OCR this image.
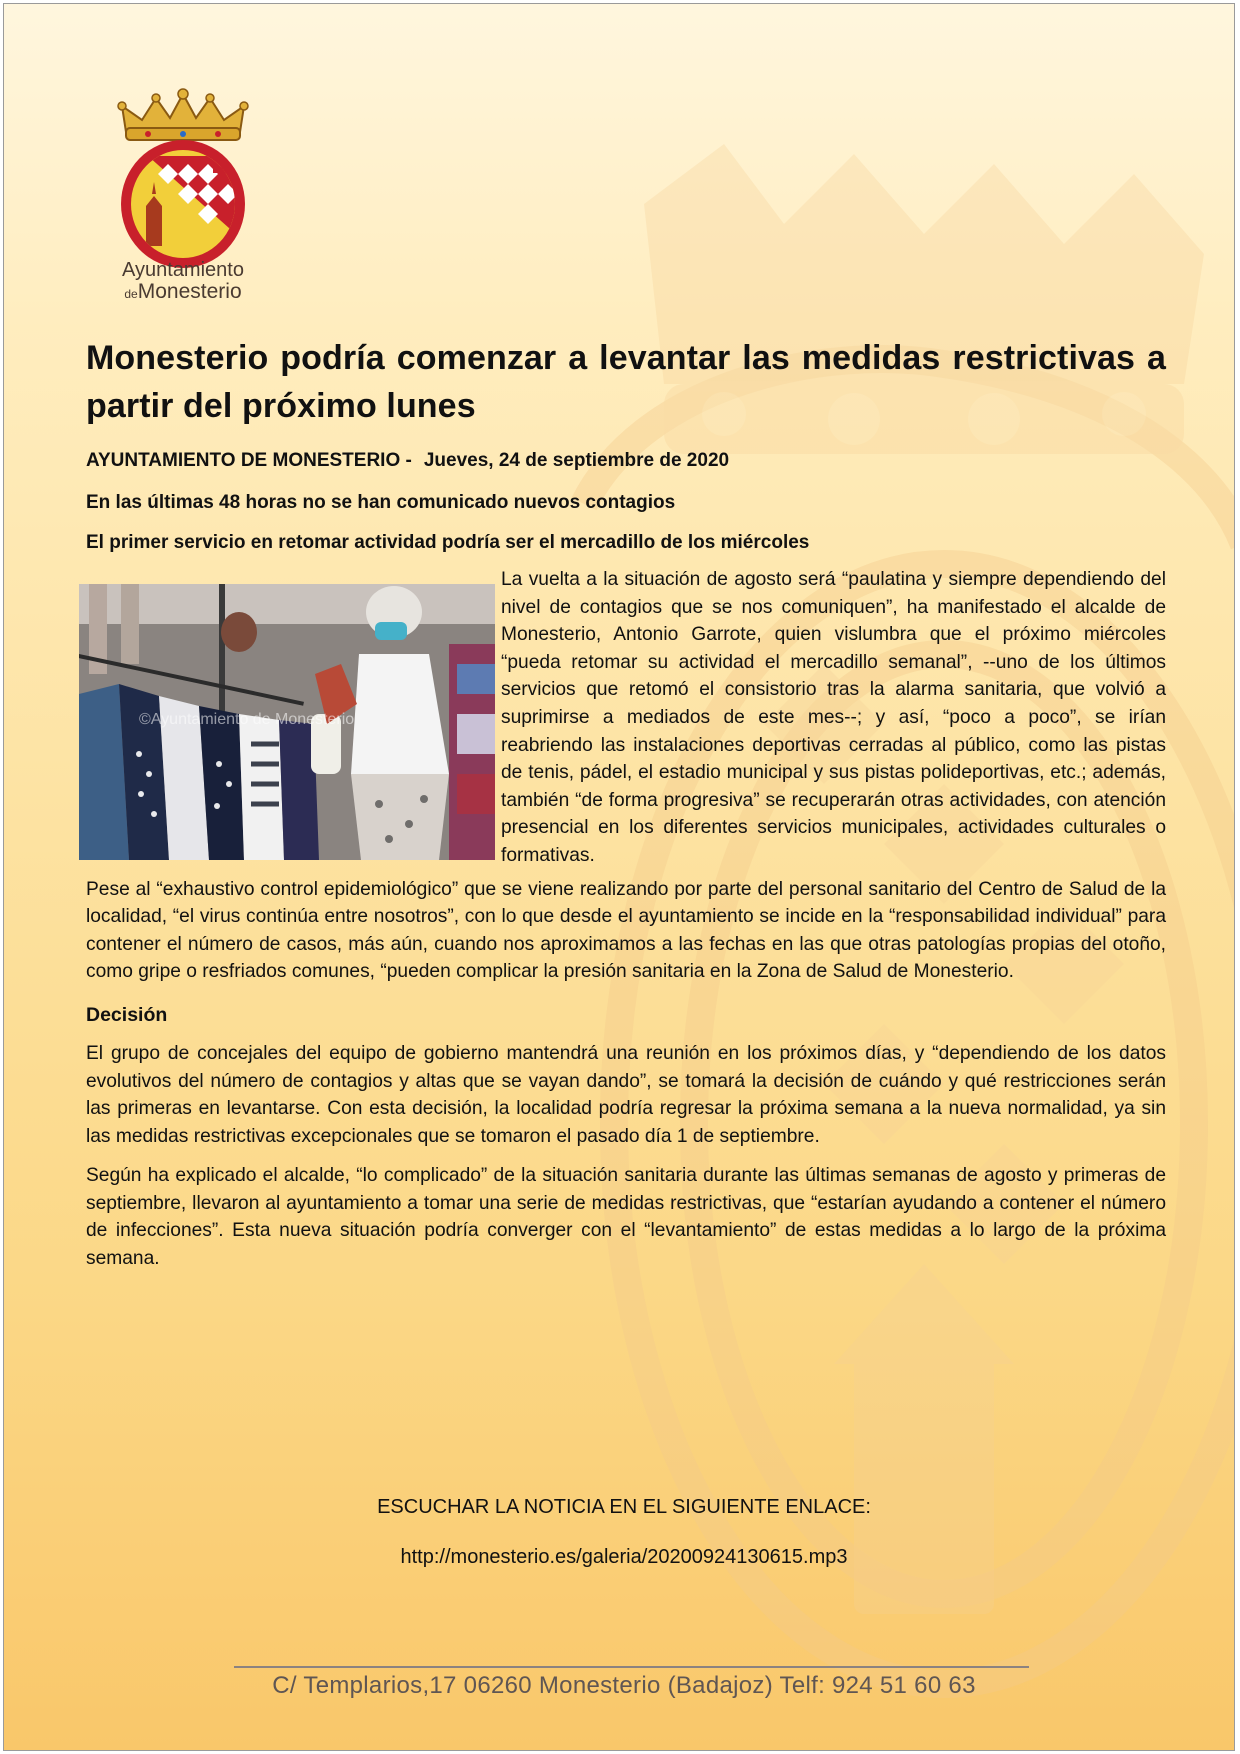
Ayuntamiento
deMonesterio
Monesterio podría comenzar a levantar las medidas restrictivas a partir del próximo lunes
AYUNTAMIENTO DE MONESTERIO - Jueves, 24 de septiembre de 2020
En las últimas 48 horas no se han comunicado nuevos contagios
El primer servicio en retomar actividad podría ser el mercadillo de los miércoles
©Ayuntamiento de Monesterio

La vuelta a la situación de agosto será “paulatina y siempre dependiendo del nivel de contagios que se nos comuniquen”, ha manifestado el alcalde de Monesterio, Antonio Garrote, quien vislumbra que el próximo miércoles “pueda retomar su actividad el mercadillo semanal”, --uno de los últimos servicios que retomó el consistorio tras la alarma sanitaria, que volvió a suprimirse a mediados de este mes--; y así, “poco a poco”, se irían reabriendo las instalaciones deportivas cerradas al público, como las pistas de tenis, pádel, el estadio municipal y sus pistas polideportivas, etc.; además, también “de forma progresiva” se recuperarán otras actividades, con atención presencial en los diferentes servicios municipales, actividades culturales o formativas.

Pese al “exhaustivo control epidemiológico” que se viene realizando por parte del personal sanitario del Centro de Salud de la localidad, “el virus continúa entre nosotros”, con lo que desde el ayuntamiento se incide en la “responsabilidad individual” para contener el número de casos, más aún, cuando nos aproximamos a las fechas en las que otras patologías propias del otoño, como gripe o resfriados comunes, “pueden complicar la presión sanitaria en la Zona de Salud de Monesterio.

Decisión

El grupo de concejales del equipo de gobierno mantendrá una reunión en los próximos días, y “dependiendo de los datos evolutivos del número de contagios y altas que se vayan dando”, se tomará la decisión de cuándo y qué restricciones serán las primeras en levantarse. Con esta decisión, la localidad podría regresar la próxima semana a la nueva normalidad, ya sin las medidas restrictivas excepcionales que se tomaron el pasado día 1 de septiembre.

Según ha explicado el alcalde, “lo complicado” de la situación sanitaria durante las últimas semanas de agosto y primeras de septiembre, llevaron al ayuntamiento a tomar una serie de medidas restrictivas, que “estarían ayudando a contener el número de infecciones”. Esta nueva situación podría converger con el “levantamiento” de estas medidas a lo largo de la próxima semana.

ESCUCHAR LA NOTICIA EN EL SIGUIENTE ENLACE:
http://monesterio.es/galeria/20200924130615.mp3
C/ Templarios,17 06260 Monesterio (Badajoz) Telf: 924 51 60 63
